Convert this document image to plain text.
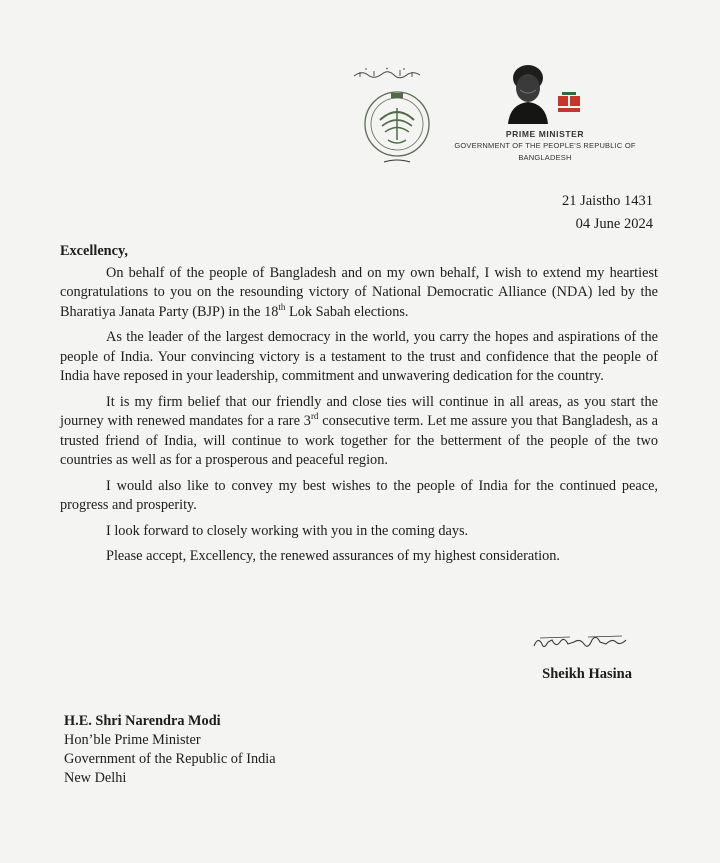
PRIME MINISTER
GOVERNMENT OF THE PEOPLE'S REPUBLIC OF
BANGLADESH
21 Jaistho 1431
04 June 2024

Excellency,

On behalf of the people of Bangladesh and on my own behalf, I wish to extend my heartiest congratulations to you on the resounding victory of National Democratic Alliance (NDA) led by the Bharatiya Janata Party (BJP) in the 18th Lok Sabah elections.

As the leader of the largest democracy in the world, you carry the hopes and aspirations of the people of India. Your convincing victory is a testament to the trust and confidence that the people of India have reposed in your leadership, commitment and unwavering dedication for the country.

It is my firm belief that our friendly and close ties will continue in all areas, as you start the journey with renewed mandates for a rare 3rd consecutive term. Let me assure you that Bangladesh, as a trusted friend of India, will continue to work together for the betterment of the people of the two countries as well as for a prosperous and peaceful region.

I would also like to convey my best wishes to the people of India for the continued peace, progress and prosperity.

I look forward to closely working with you in the coming days.

Please accept, Excellency, the renewed assurances of my highest consideration.

Sheikh Hasina
H.E. Shri Narendra Modi
Hon’ble Prime Minister
Government of the Republic of India
New Delhi
